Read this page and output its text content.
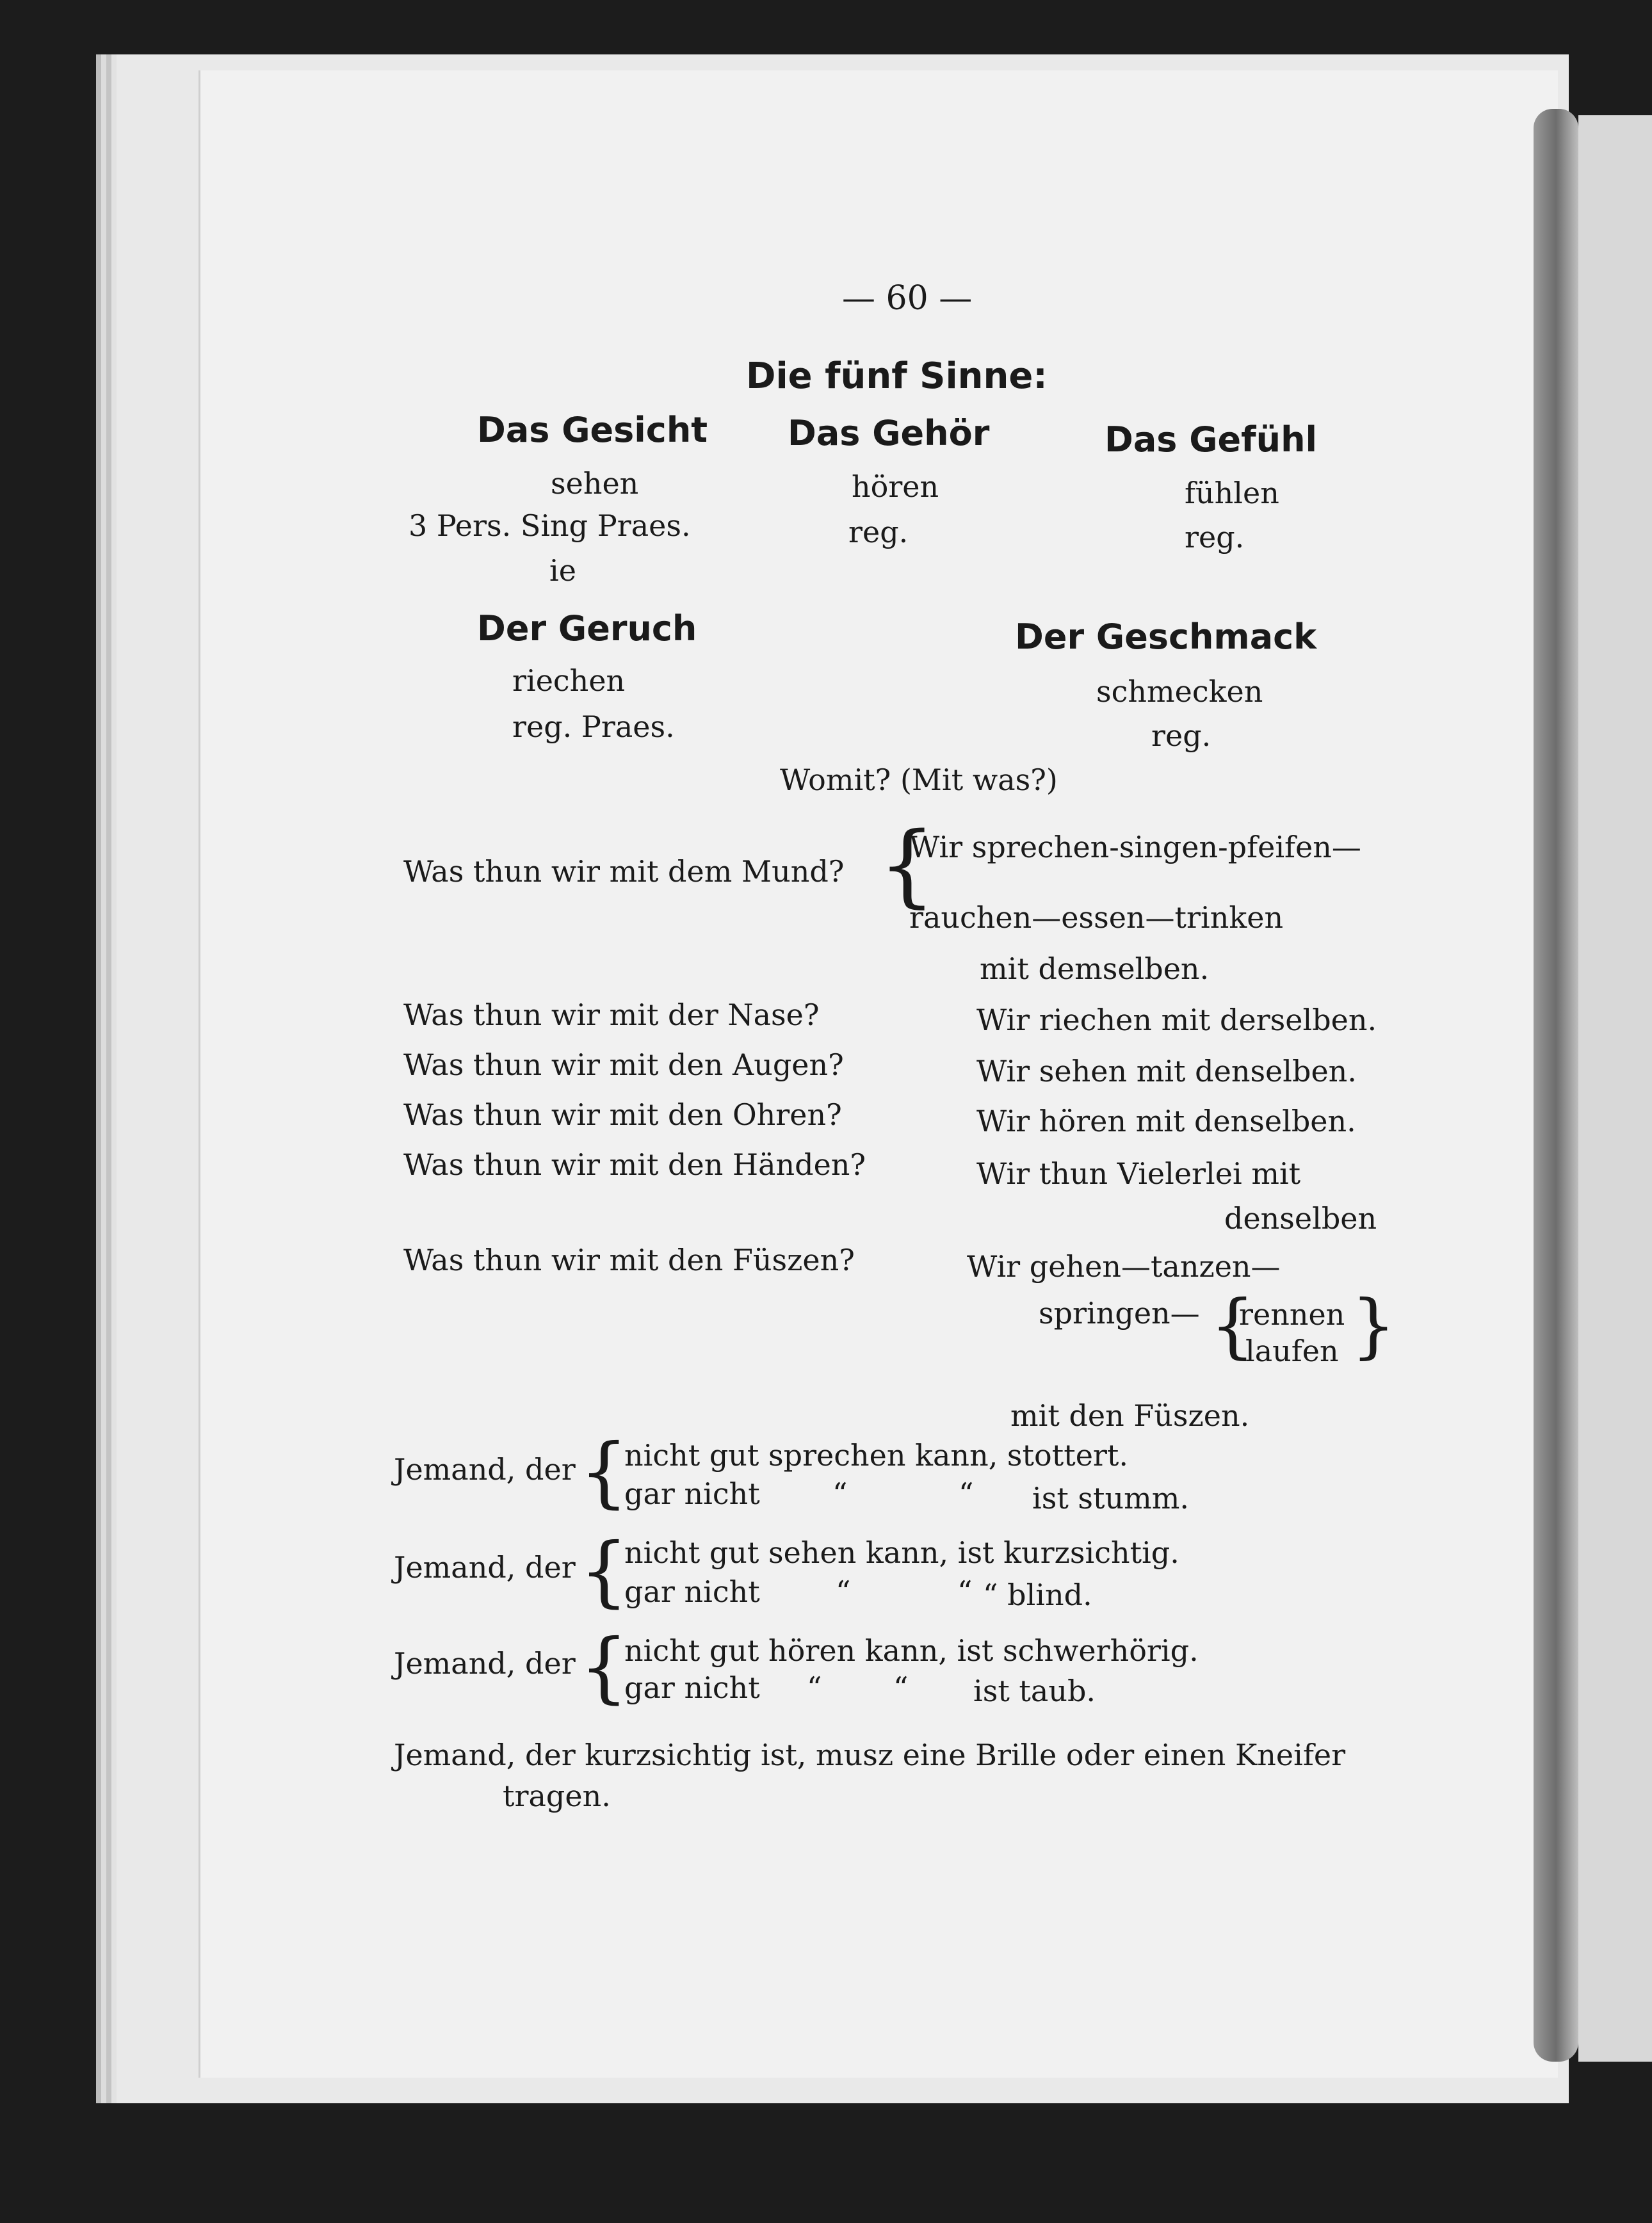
— 60 —
Die fünf Sinne:
Das Gesicht
sehen
3 Pers. Sing Praes.
ie
Das Gehör
hören
reg.
Das Gefühl
fühlen
reg.
Der Geruch
riechen
reg. Praes.
Der Geschmack
schmecken
reg.
Womit? (Mit was?)
Was thun wir mit dem Mund? {
Wir sprechen-singen-pfeifen—
rauchen—essen—trinken
mit demselben.
Was thun wir mit der Nase?	Wir riechen mit derselben.
Was thun wir mit den Augen?	Wir sehen mit denselben.
Was thun wir mit den Ohren?	Wir hören mit denselben.
Was thun wir mit den Händen?	Wir thun Vielerlei mit
denselben
Was thun wir mit den Füszen?	Wir gehen—tanzen—
springen— {
rennen
laufen }
mit den Füszen.
Jemand, der {
nicht gut sprechen kann, stottert.
gar nicht “	“ ist stumm.
Jemand, der {
nicht gut sehen kann, ist kurzsichtig.
gar nicht	“	“ “ blind.
Jemand, der {
nicht gut hören kann, ist schwerhörig.
gar nicht “ “ ist taub.
Jemand, der kurzsichtig ist, musz eine Brille oder einen Kneifer
tragen.
